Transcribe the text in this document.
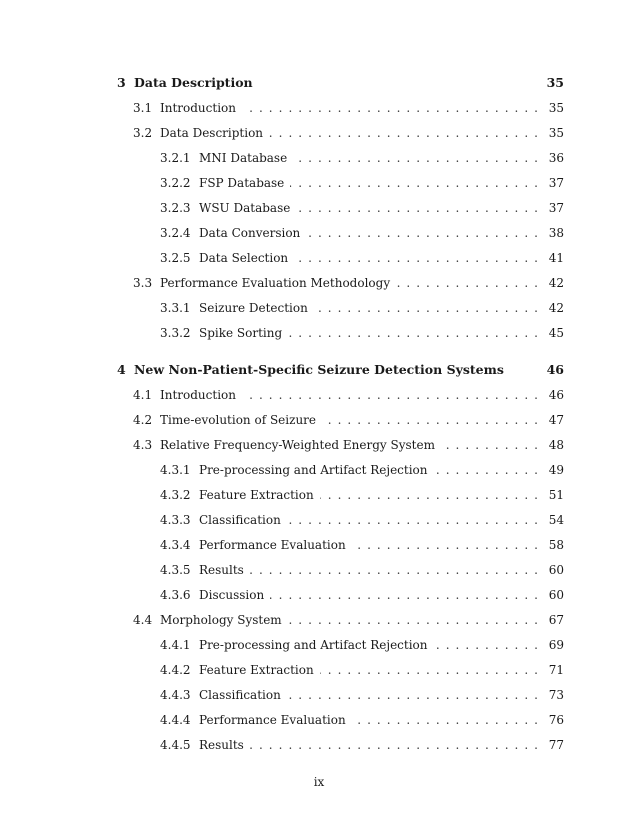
3 Data Description	35
3.1 Introduction . . .	35
3.2 Data Description . . .	35
3.2.1 MNI Database . . .	36
3.2.2 FSP Database . . .	37
3.2.3 WSU Database . . .	37
3.2.4 Data Conversion . . .	38
3.2.5 Data Selection . . .	41
3.3 Performance Evaluation Methodology . . .	42
3.3.1 Seizure Detection . . .	42
3.3.2 Spike Sorting . . .	45
4 New Non-Patient-Specific Seizure Detection Systems	46
4.1 Introduction . . .	46
4.2 Time-evolution of Seizure . . .	47
4.3 Relative Frequency-Weighted Energy System . . .	48
4.3.1 Pre-processing and Artifact Rejection . . .	49
4.3.2 Feature Extraction . . .	51
4.3.3 Classification . . .	54
4.3.4 Performance Evaluation . . .	58
4.3.5 Results . . .	60
4.3.6 Discussion . . .	60
4.4 Morphology System . . .	67
4.4.1 Pre-processing and Artifact Rejection . . .	69
4.4.2 Feature Extraction . . .	71
4.4.3 Classification . . .	73
4.4.4 Performance Evaluation . . .	76
4.4.5 Results . . .	77
ix
